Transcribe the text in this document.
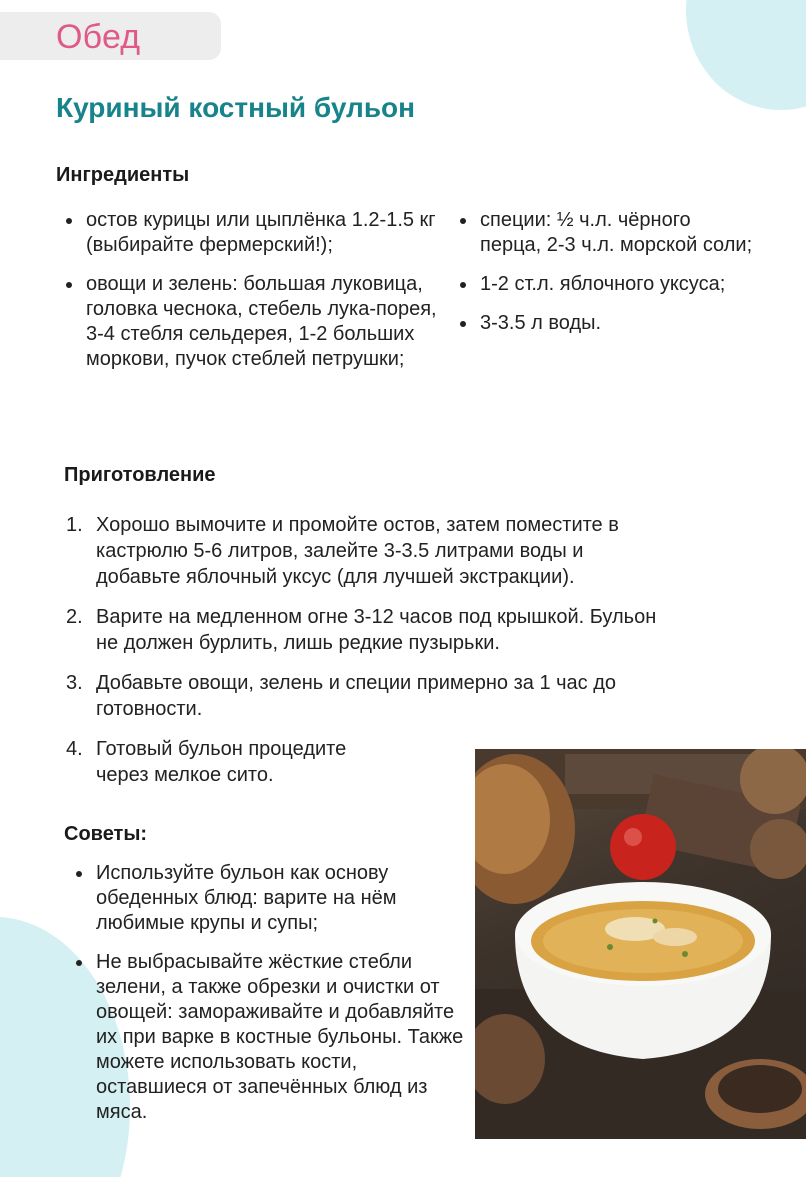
Обед
Куриный костный бульон
Ингредиенты
остов курицы или цыплёнка 1.2-1.5 кг (выбирайте фермерский!);
овощи и зелень: большая луковица, головка чеснока, стебель лука-порея, 3-4 стебля сельдерея, 1-2 больших моркови, пучок стеблей петрушки;
специи: ½ ч.л. чёрного перца, 2-3 ч.л. морской соли;
1-2 ст.л. яблочного уксуса;
3-3.5 л воды.
Приготовление
1. Хорошо вымочите и промойте остов, затем поместите в кастрюлю 5-6 литров, залейте 3-3.5 литрами воды и добавьте яблочный уксус (для лучшей экстракции).
2. Варите на медленном огне 3-12 часов под крышкой. Бульон не должен бурлить, лишь редкие пузырьки.
3. Добавьте овощи, зелень и специи примерно за 1 час до готовности.
4. Готовый бульон процедите через мелкое сито.
Советы:
Используйте бульон как основу обеденных блюд: варите на нём любимые крупы и супы;
Не выбрасывайте жёсткие стебли зелени, а также обрезки и очистки от овощей: замораживайте и добавляйте их при варке в костные бульоны. Также можете использовать кости, оставшиеся от запечённых блюд из мяса.
